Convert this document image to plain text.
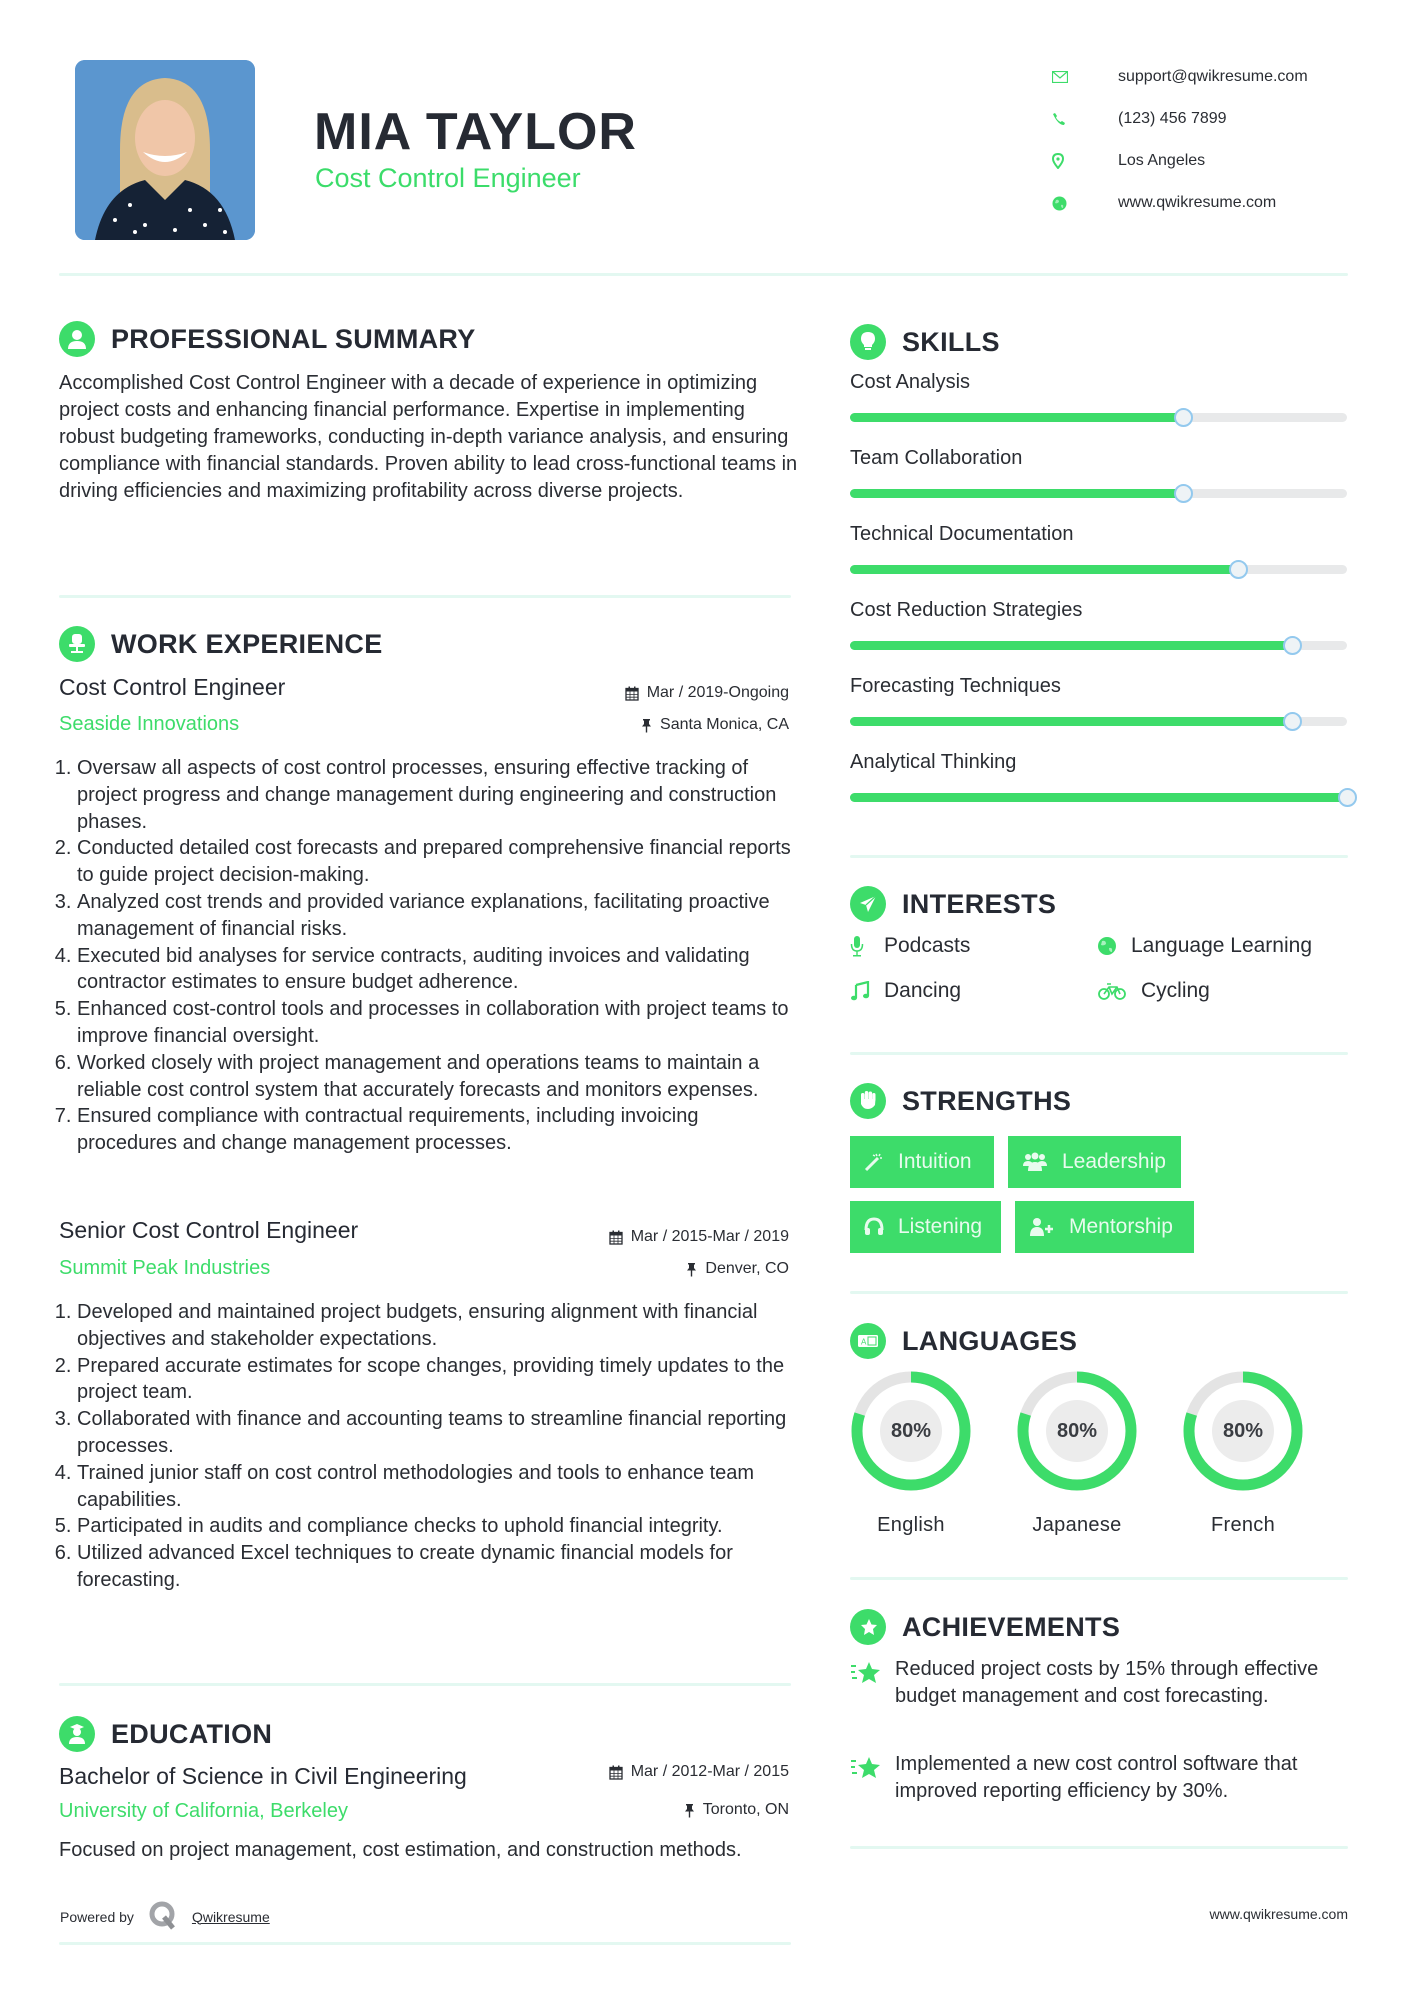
MIA TAYLOR
Cost Control Engineer
support@qwikresume.com
(123) 456 7899
Los Angeles
www.qwikresume.com
PROFESSIONAL SUMMARY
Accomplished Cost Control Engineer with a decade of experience in optimizing project costs and enhancing financial performance. Expertise in implementing robust budgeting frameworks, conducting in-depth variance analysis, and ensuring compliance with financial standards. Proven ability to lead cross-functional teams in driving efficiencies and maximizing profitability across diverse projects.
WORK EXPERIENCE
Cost Control Engineer	Mar / 2019-Ongoing
Seaside Innovations	Santa Monica, CA
1. Oversaw all aspects of cost control processes, ensuring effective tracking of project progress and change management during engineering and construction phases.
2. Conducted detailed cost forecasts and prepared comprehensive financial reports to guide project decision-making.
3. Analyzed cost trends and provided variance explanations, facilitating proactive management of financial risks.
4. Executed bid analyses for service contracts, auditing invoices and validating contractor estimates to ensure budget adherence.
5. Enhanced cost-control tools and processes in collaboration with project teams to improve financial oversight.
6. Worked closely with project management and operations teams to maintain a reliable cost control system that accurately forecasts and monitors expenses.
7. Ensured compliance with contractual requirements, including invoicing procedures and change management processes.
Senior Cost Control Engineer	Mar / 2015-Mar / 2019
Summit Peak Industries	Denver, CO
1. Developed and maintained project budgets, ensuring alignment with financial objectives and stakeholder expectations.
2. Prepared accurate estimates for scope changes, providing timely updates to the project team.
3. Collaborated with finance and accounting teams to streamline financial reporting processes.
4. Trained junior staff on cost control methodologies and tools to enhance team capabilities.
5. Participated in audits and compliance checks to uphold financial integrity.
6. Utilized advanced Excel techniques to create dynamic financial models for forecasting.
EDUCATION
Bachelor of Science in Civil Engineering	Mar / 2012-Mar / 2015
University of California, Berkeley	Toronto, ON
Focused on project management, cost estimation, and construction methods.
Powered by	Qwikresume
SKILLS
Cost Analysis
Team Collaboration
Technical Documentation
Cost Reduction Strategies
Forecasting Techniques
Analytical Thinking
INTERESTS
Podcasts	Language Learning
Dancing	Cycling
STRENGTHS
Intuition	Leadership
Listening	Mentorship
A LANGUAGES
80%
English
80%
Japanese
80%
French
ACHIEVEMENTS
Reduced project costs by 15% through effective budget management and cost forecasting.
Implemented a new cost control software that improved reporting efficiency by 30%.
www.qwikresume.com
